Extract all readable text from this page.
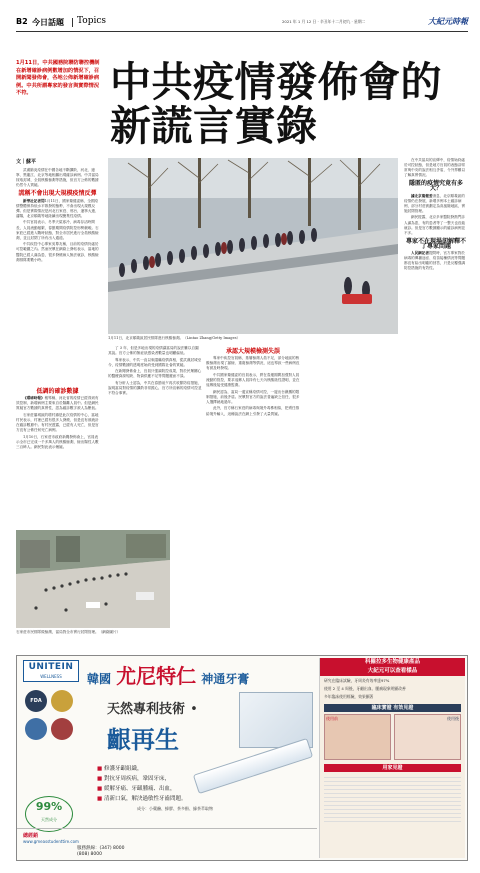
B2 今日話題 Topics	2021 年 1 月 12 日 · 辛丑年十二月初九 · 星期二	大紀元時報

1月11日，中共國務院聯防聯控機制在新增確診病例數增加的情況下，召開新聞發佈會，各地公佈新增確診病例。中共所謂專家的發言與實際情況不符。	中共疫情發佈會的
新謊言實錄
文｜蘇平

武漢肺炎疫情在中國各地不斷擴散，河北、遼寧、黑龍江、北京等地相繼出現確診病例。中共當局採取封城、全員核酸檢測等措施，但官方公佈的數據仍然令人質疑。

謊稱不會出現大規模疫情反彈

新華社記者問1月11日，國家衛健委稱，全國疫情整體保持低水平散發的態勢，不會出現大規模反彈。但是實際情況是河北石家莊、邢台，遼寧大連、瀋陽，北京順義等地陸續出現聚集性疫情。

中共官員表示，冬季天氣寒冷，病毒存活時間長，人員流動頻繁，春節期間疫情防控形勢嚴峻。石家莊已經進入戰時狀態，對全市居民進行全員核酸檢測，並且封閉了所有出入通道。

中共疾控中心專家吳尊友稱，目前的疫情仍處於可控範圍之內。然而民眾在網絡上發帖表示，當地的醫院已經人滿為患，很多發燒病人無法就診，核酸檢測排隊要數小時。

低調的確診數據

《環球時報》報導稱，河北省的疫情已經得到有效控制，新增病例主要來自於隔離人員中。但是網民質疑官方數據的真實性，認為確診數字被人為壓低。

石家莊藁城區的增村鎮是此次疫情的中心，當地村民表示，村裡已經有很多人發燒，但是沒有被統計在確診數據中。有村民透露，已經有人死亡，但是官方沒有公佈任何死亡病例。

1月10日，石家莊市政府新聞發佈會上，官員表示全市已完成一千多萬人的核酸檢測，檢出陽性人數三百餘人。網民對此表示懷疑。

石家莊市民排隊做檢測，當局對全市實行封閉管理。（網絡圖片）
1月11日，北京順義區居民排隊進行核酸檢測。（Lintao Zhang/Getty Images）

了 3 年，但是多地出現的疫情讓當局的說法難以自圓其說。官方公佈的無症狀感染者數量也明顯偏低。

專家表示，中共一直以來隱瞞疫情真相，從武漢封城至今，疫情數據的透明度始終受到國際社會的質疑。

在新聞發佈會上，官員只強調防控成果，對於民眾關心的醫療資源短缺、物資供應不足等問題避而不談。

有分析人士認為，中共在春節前夕再次收緊防疫措施，說明當局對疫情的擴散非常擔心，官方所宣稱的疫情可控並不符合事實。

承認大規模檢測失誤

專家中疾控官員稱，基層檢測人員不足，部分地區的核酸檢測出現了漏檢、重複檢測等情況，這也導致一些病例沒有被及時發現。

中共國家衛健委的官員表示，將在春運期間加強對人員流動的管控，要求返鄉人員持有七天內核酸陰性證明，並在返鄉後接受健康監測。

網民認為，當局一邊宣稱疫情可控，一邊出台嚴厲的限制措施，前後矛盾。民眾對官方的說法普遍缺乏信任，很多人選擇就地過年。

此外，官方稱石家莊的病毒與境外毒株相似，把責任推給境外輸入，這種說法在網上引發了大量質疑。

在中共當局的宣傳中，疫情始終處於可控狀態，但是地方官員的表態卻常常與中央的說法相互矛盾，令外界難以了解真實情況。

隱匿的疫情究竟有多大？

據北京衛健委消息，北京順義區的疫情仍在發展，新增多例本土確診病例，部分村莊被劃定為高風險地區，實施封閉管理。

網民披露，北京多家醫院發熱門診人滿為患，有的患者等了一整天也沒能就診。但是官方數據顯示的確診病例並不多。

專家不在現場卻解釋不了專家問題

人民網記者提問時，官方專家對於病毒的傳播途徑、疫苗接種情況等問題都沒有給出明確的回答，只是反覆強調防控措施的有效性。

UNITEIN
WELLNESS
FDA
99%
天然成分
韓國 尤尼特仁 神通牙膏
天然專利技術 •
齦再生
■ 修護牙齦組織，
■ 對抗牙周疾病，鞏固牙床，
■ 緩解牙痛、牙齦腫痛、出血，
■ 清新口氣，解決過敏性牙齒問題。
成分：小蘗鹼、蜂膠、茶多酚、綠茶萃取物
總經銷
www.gmeasstudenttire.com
服務熱線：(347) 8000
(808) 8000
科羅拉多生物健康產品
大紀元可以查看樣品
研究在臨床試驗，牙周炎有效率達97%
使用 2 至 4 周後，牙齦出血、腫痛現象明顯改善
多年臨床使用經驗，效果顯著
臨床實證 有效見證
使用前	使用後
用家見證
